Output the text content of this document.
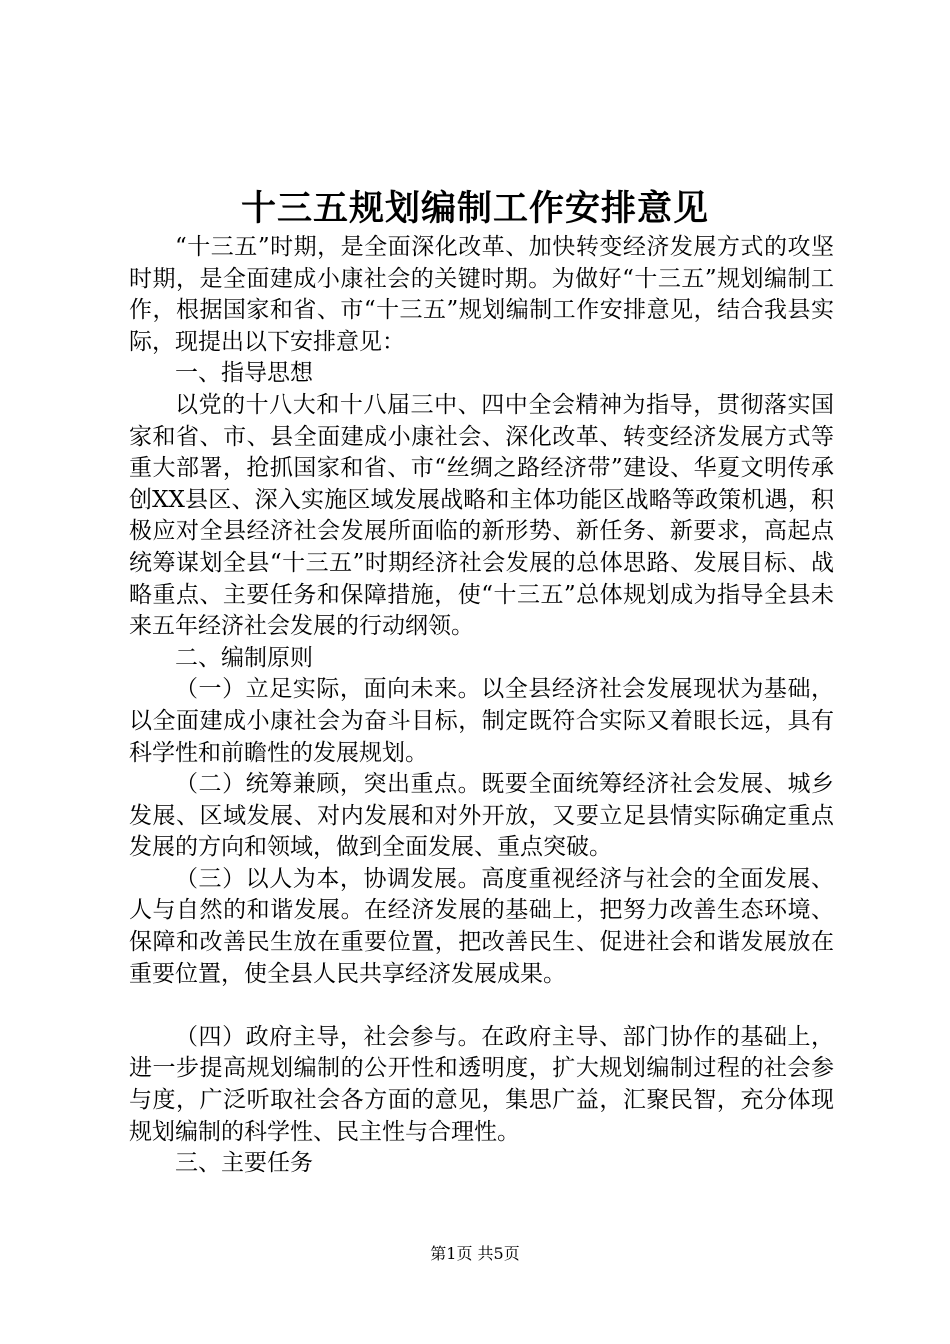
十三五规划编制工作安排意见

“十三五”时期，是全面深化改革、加快转变经济发展方式的攻坚时期，是全面建成小康社会的关键时期。为做好“十三五”规划编制工作，根据国家和省、市“十三五”规划编制工作安排意见，结合我县实际，现提出以下安排意见：

一、指导思想

以党的十八大和十八届三中、四中全会精神为指导，贯彻落实国家和省、市、县全面建成小康社会、深化改革、转变经济发展方式等重大部署，抢抓国家和省、市“丝绸之路经济带”建设、华夏文明传承创XX县区、深入实施区域发展战略和主体功能区战略等政策机遇，积极应对全县经济社会发展所面临的新形势、新任务、新要求，高起点统筹谋划全县“十三五”时期经济社会发展的总体思路、发展目标、战略重点、主要任务和保障措施，使“十三五”总体规划成为指导全县未来五年经济社会发展的行动纲领。

二、编制原则

（一）立足实际，面向未来。以全县经济社会发展现状为基础，以全面建成小康社会为奋斗目标，制定既符合实际又着眼长远，具有科学性和前瞻性的发展规划。

（二）统筹兼顾，突出重点。既要全面统筹经济社会发展、城乡发展、区域发展、对内发展和对外开放，又要立足县情实际确定重点发展的方向和领域，做到全面发展、重点突破。

（三）以人为本，协调发展。高度重视经济与社会的全面发展、人与自然的和谐发展。在经济发展的基础上，把努力改善生态环境、保障和改善民生放在重要位置，把改善民生、促进社会和谐发展放在重要位置，使全县人民共享经济发展成果。

（四）政府主导，社会参与。在政府主导、部门协作的基础上，进一步提高规划编制的公开性和透明度，扩大规划编制过程的社会参与度，广泛听取社会各方面的意见，集思广益，汇聚民智，充分体现规划编制的科学性、民主性与合理性。

三、主要任务

第1页 共5页
